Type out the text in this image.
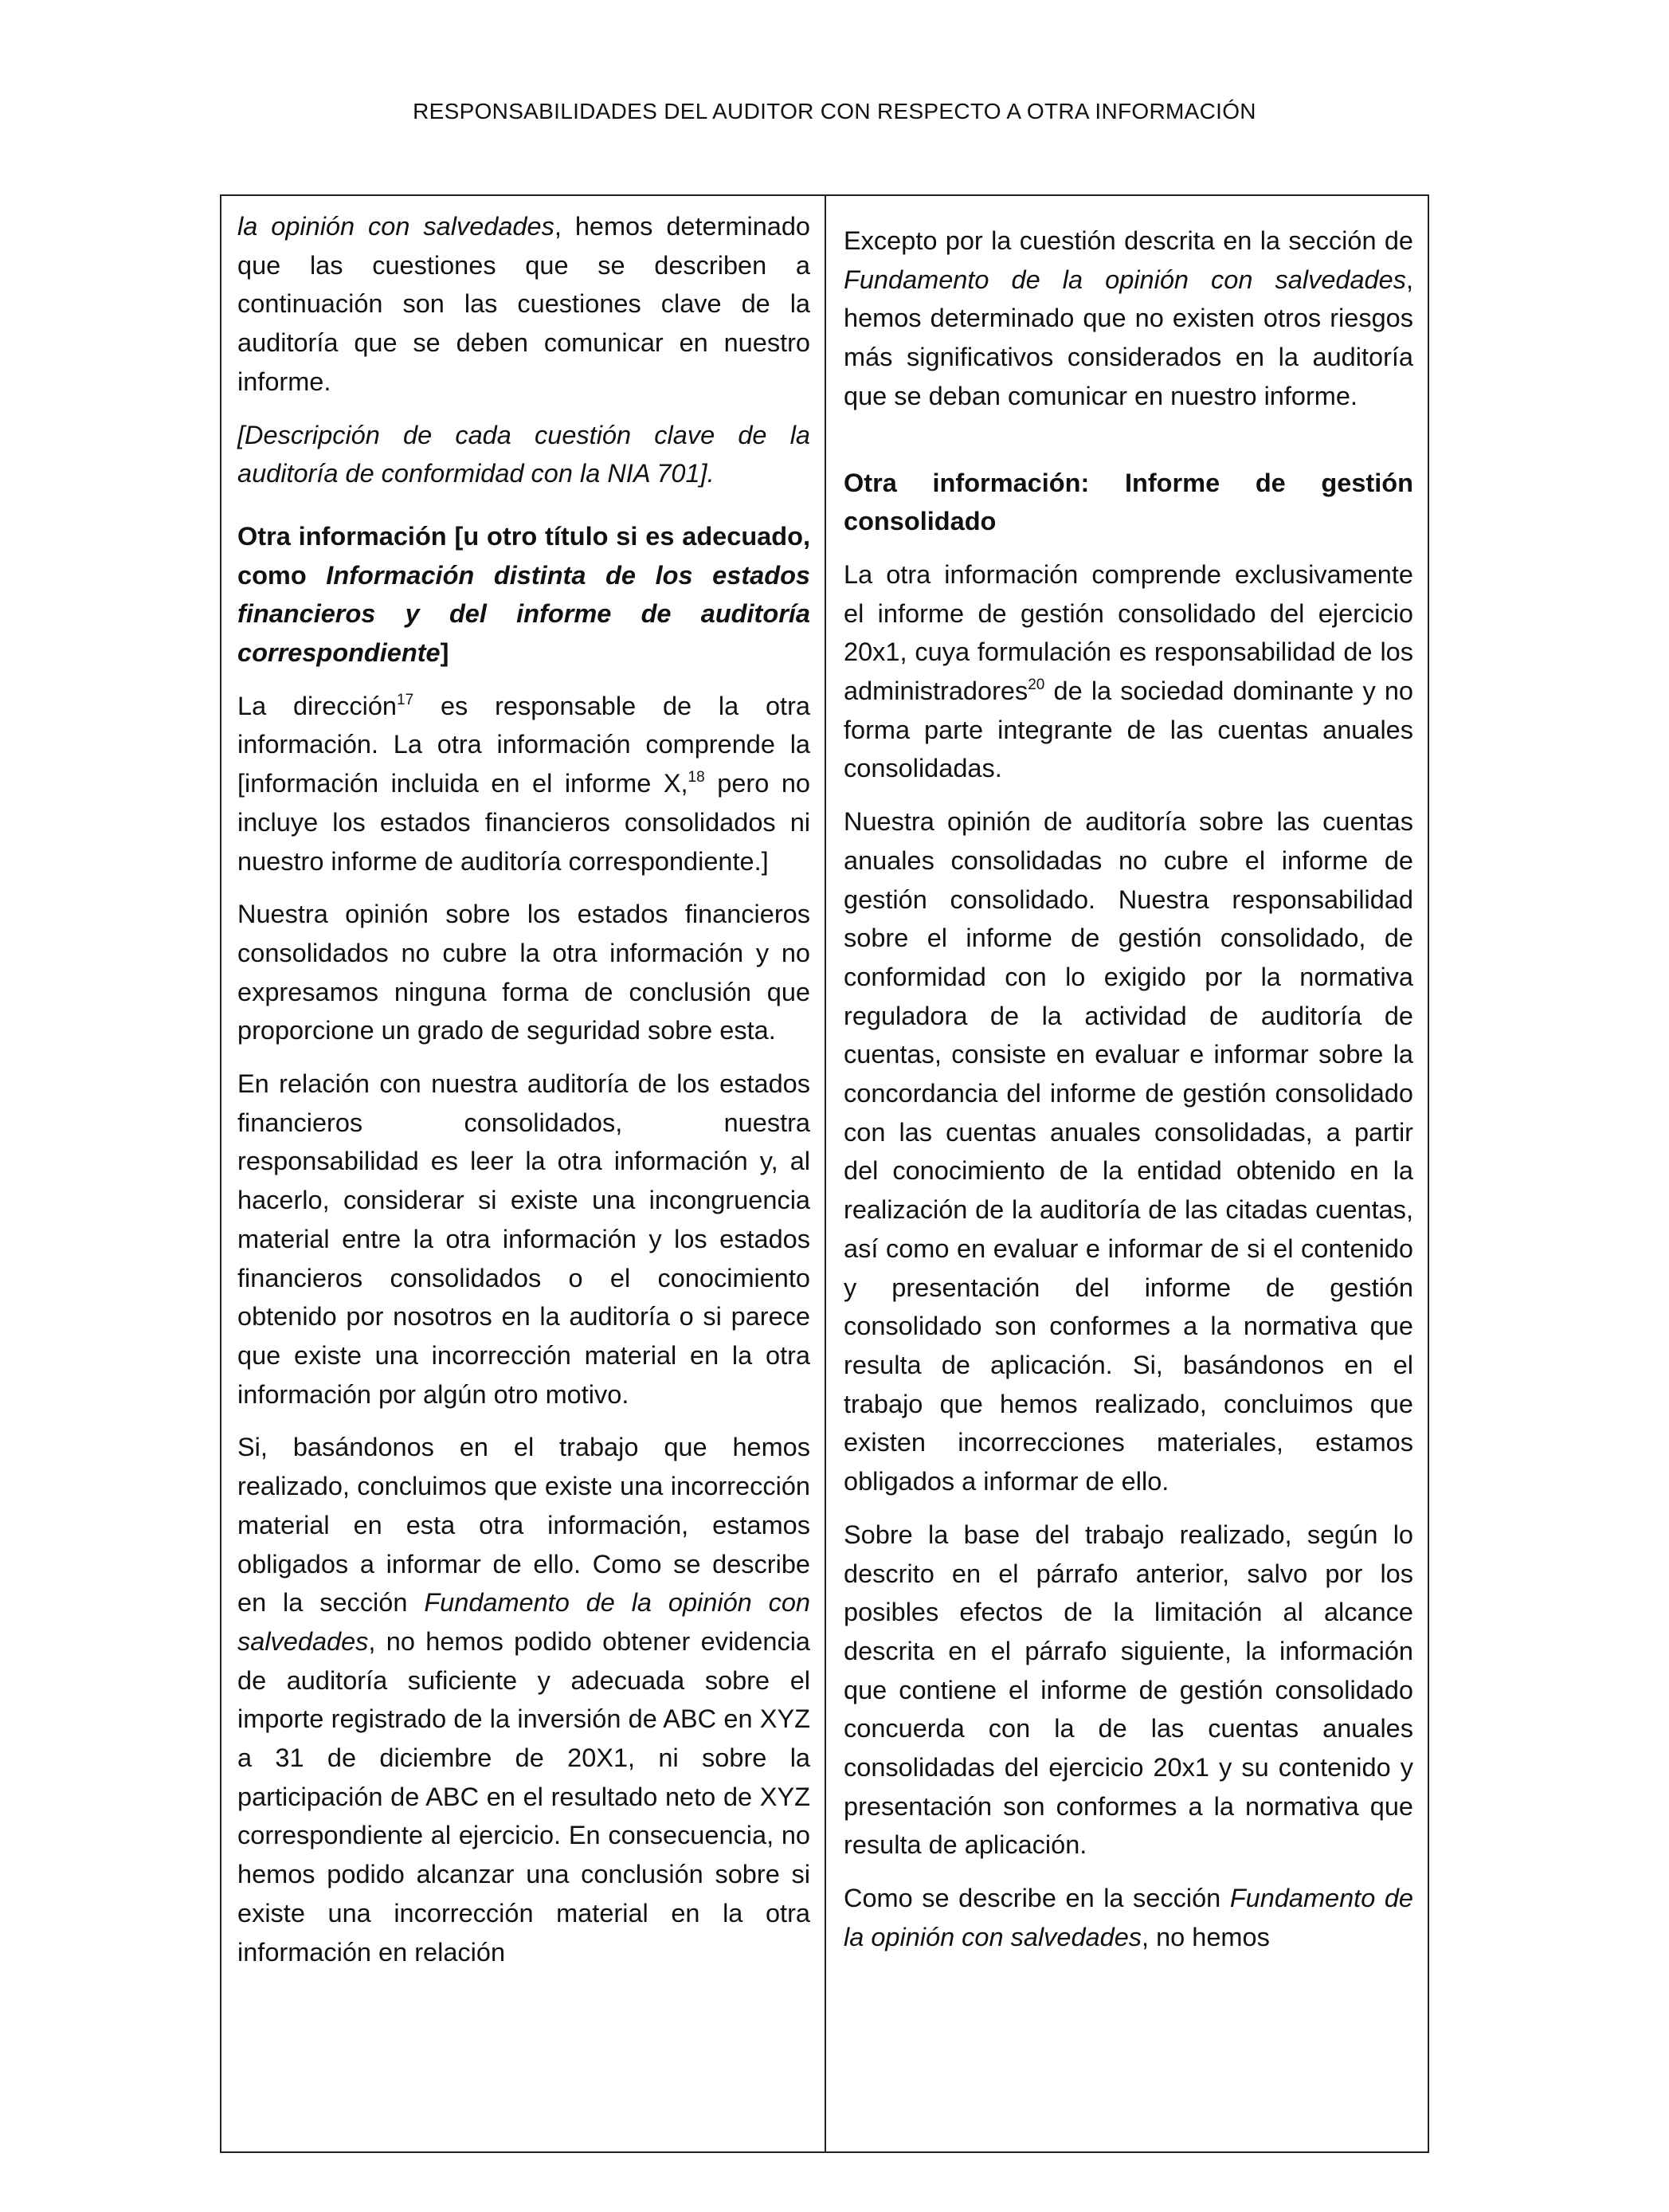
RESPONSABILIDADES DEL AUDITOR CON RESPECTO A OTRA INFORMACIÓN

la opinión con salvedades, hemos determinado que las cuestiones que se describen a continuación son las cuestiones clave de la auditoría que se deben comunicar en nuestro informe.

[Descripción de cada cuestión clave de la auditoría de conformidad con la NIA 701].

Otra información [u otro título si es adecuado, como Información distinta de los estados financieros y del informe de auditoría correspondiente]

La dirección$^{17}$ es responsable de la otra información. La otra información comprende la [información incluida en el informe X,$^{18}$ pero no incluye los estados financieros consolidados ni nuestro informe de auditoría correspondiente.]

Nuestra opinión sobre los estados financieros consolidados no cubre la otra información y no expresamos ninguna forma de conclusión que proporcione un grado de seguridad sobre esta.

En relación con nuestra auditoría de los estados financieros consolidados, nuestra responsabilidad es leer la otra información y, al hacerlo, considerar si existe una incongruencia material entre la otra información y los estados financieros consolidados o el conocimiento obtenido por nosotros en la auditoría o si parece que existe una incorrección material en la otra información por algún otro motivo.

Si, basándonos en el trabajo que hemos realizado, concluimos que existe una incorrección material en esta otra información, estamos obligados a informar de ello. Como se describe en la sección Fundamento de la opinión con salvedades, no hemos podido obtener evidencia de auditoría suficiente y adecuada sobre el importe registrado de la inversión de ABC en XYZ a 31 de diciembre de 20X1, ni sobre la participación de ABC en el resultado neto de XYZ correspondiente al ejercicio. En consecuencia, no hemos podido alcanzar una conclusión sobre si existe una incorrección material en la otra información en relación

Excepto por la cuestión descrita en la sección de Fundamento de la opinión con salvedades, hemos determinado que no existen otros riesgos más significativos considerados en la auditoría que se deban comunicar en nuestro informe.

Otra información: Informe de gestión consolidado

La otra información comprende exclusivamente el informe de gestión consolidado del ejercicio 20x1, cuya formulación es responsabilidad de los administradores$^{20}$ de la sociedad dominante y no forma parte integrante de las cuentas anuales consolidadas.

Nuestra opinión de auditoría sobre las cuentas anuales consolidadas no cubre el informe de gestión consolidado. Nuestra responsabilidad sobre el informe de gestión consolidado, de conformidad con lo exigido por la normativa reguladora de la actividad de auditoría de cuentas, consiste en evaluar e informar sobre la concordancia del informe de gestión consolidado con las cuentas anuales consolidadas, a partir del conocimiento de la entidad obtenido en la realización de la auditoría de las citadas cuentas, así como en evaluar e informar de si el contenido y presentación del informe de gestión consolidado son conformes a la normativa que resulta de aplicación. Si, basándonos en el trabajo que hemos realizado, concluimos que existen incorrecciones materiales, estamos obligados a informar de ello.

Sobre la base del trabajo realizado, según lo descrito en el párrafo anterior, salvo por los posibles efectos de la limitación al alcance descrita en el párrafo siguiente, la información que contiene el informe de gestión consolidado concuerda con la de las cuentas anuales consolidadas del ejercicio 20x1 y su contenido y presentación son conformes a la normativa que resulta de aplicación.

Como se describe en la sección Fundamento de la opinión con salvedades, no hemos
